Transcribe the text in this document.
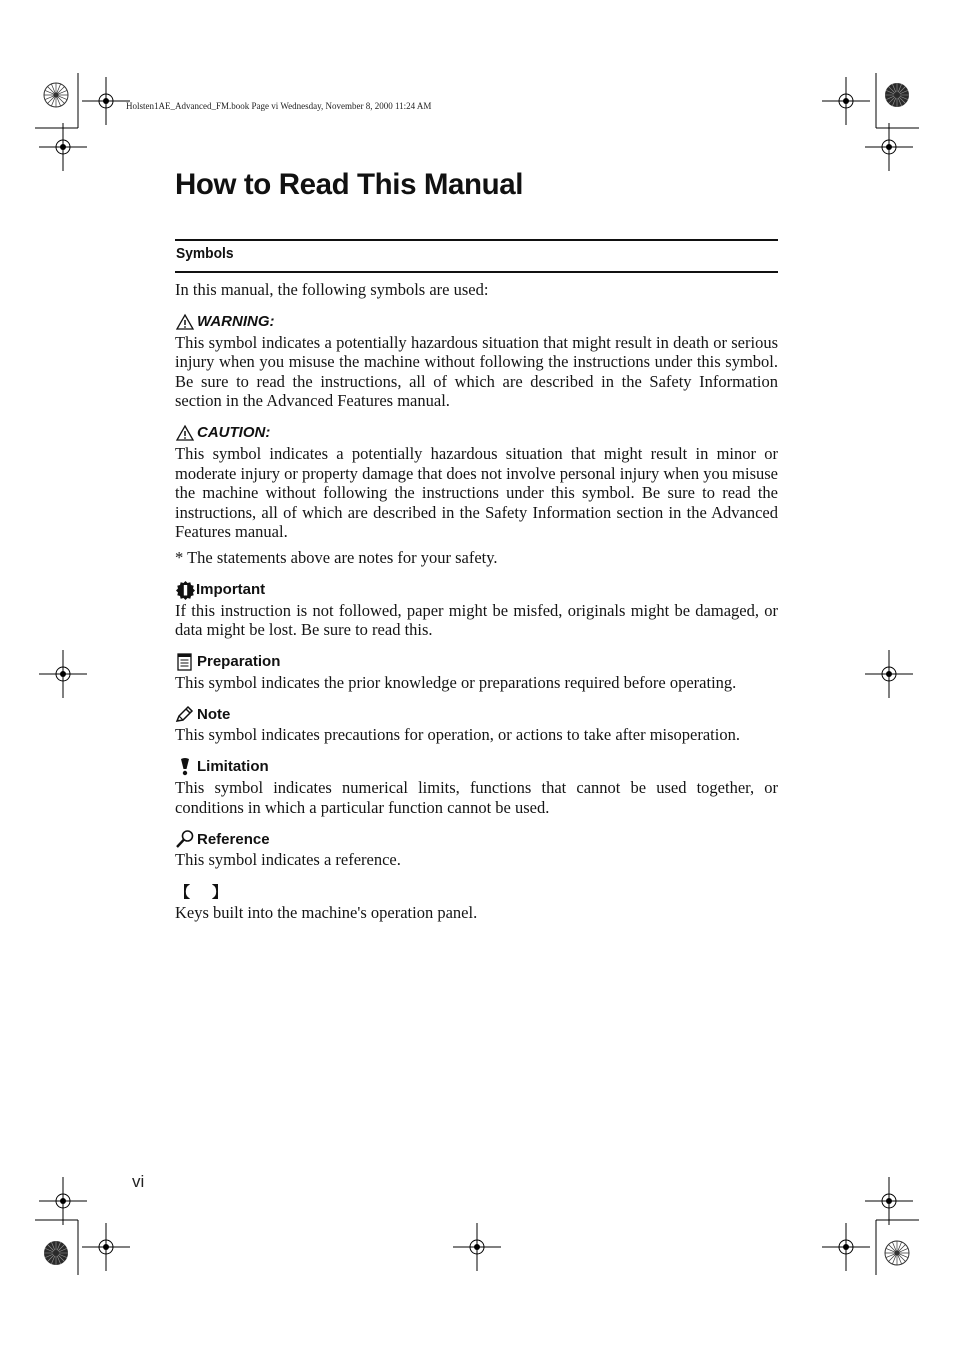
Holsten1AE_Advanced_FM.book Page vi Wednesday, November 8, 2000 11:24 AM
How to Read This Manual
Symbols

In this manual, the following symbols are used:

WARNING:

This symbol indicates a potentially hazardous situation that might result in death or serious injury when you misuse the machine without following the instructions under this symbol. Be sure to read the instructions, all of which are described in the Safety Information section in the Advanced Features manual.

CAUTION:

This symbol indicates a potentially hazardous situation that might result in minor or moderate injury or property damage that does not involve personal injury when you misuse the machine without following the instructions under this symbol. Be sure to read the instructions, all of which are described in the Safety Information section in the Advanced Features manual.

* The statements above are notes for your safety.

Important

If this instruction is not followed, paper might be misfed, originals might be damaged, or data might be lost. Be sure to read this.

Preparation

This symbol indicates the prior knowledge or preparations required before operating.

Note

This symbol indicates precautions for operation, or actions to take after misoperation.

Limitation

This symbol indicates numerical limits, functions that cannot be used together, or conditions in which a particular function cannot be used.

Reference

This symbol indicates a reference.

【 】

Keys built into the machine's operation panel.

vi
